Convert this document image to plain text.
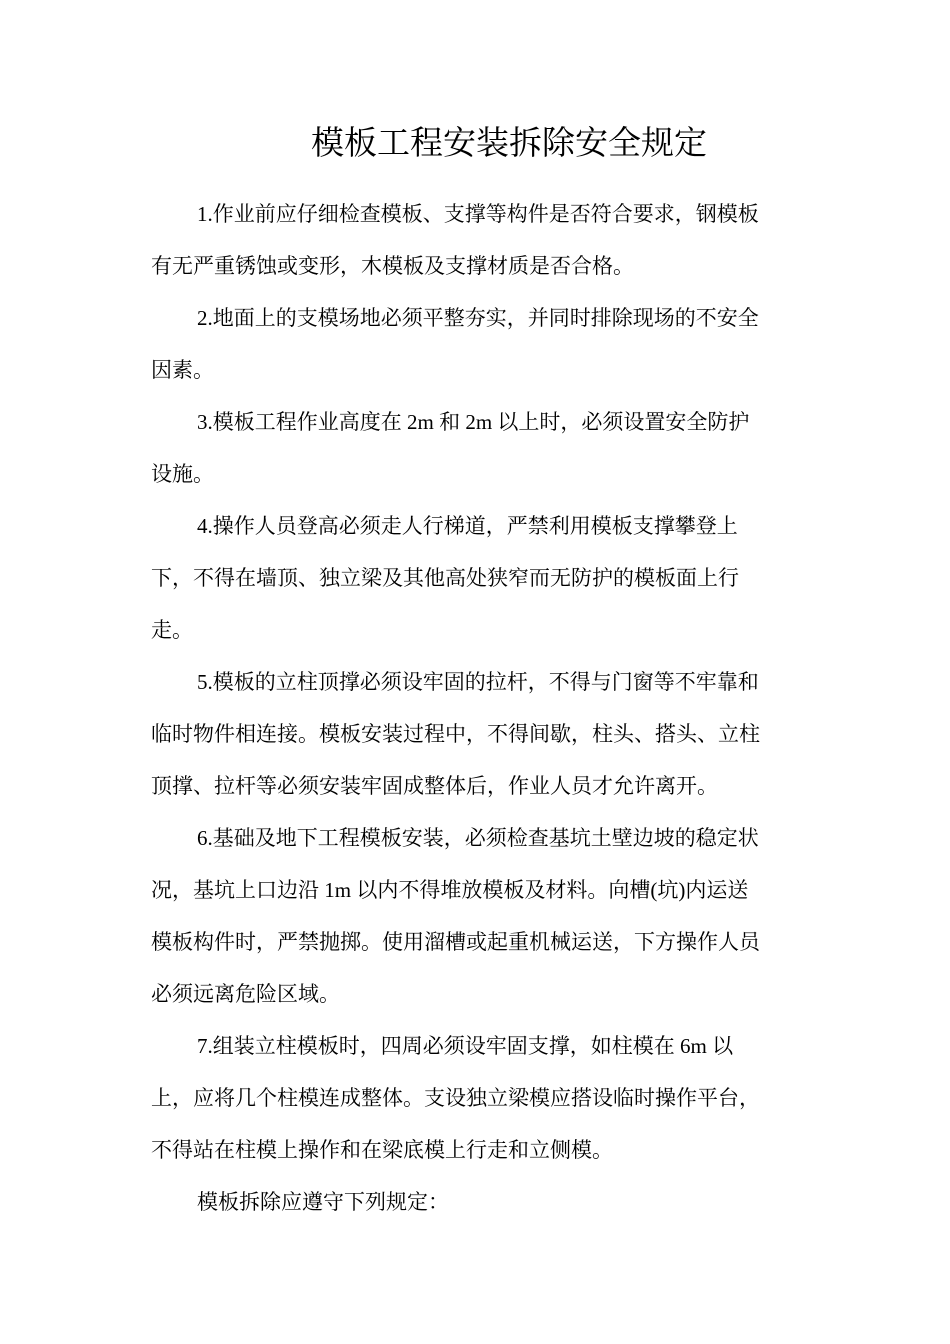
模板工程安装拆除安全规定

1.作业前应仔细检查模板、支撑等构件是否符合要求，钢模板
有无严重锈蚀或变形，木模板及支撑材质是否合格。

2.地面上的支模场地必须平整夯实，并同时排除现场的不安全
因素。

3.模板工程作业高度在 2m 和 2m 以上时，必须设置安全防护
设施。

4.操作人员登高必须走人行梯道，严禁利用模板支撑攀登上
下，不得在墙顶、独立梁及其他高处狭窄而无防护的模板面上行
走。

5.模板的立柱顶撑必须设牢固的拉杆，不得与门窗等不牢靠和
临时物件相连接。模板安装过程中，不得间歇，柱头、搭头、立柱
顶撑、拉杆等必须安装牢固成整体后，作业人员才允许离开。

6.基础及地下工程模板安装，必须检查基坑土壁边坡的稳定状
况，基坑上口边沿 1m 以内不得堆放模板及材料。向槽(坑)内运送
模板构件时，严禁抛掷。使用溜槽或起重机械运送，下方操作人员
必须远离危险区域。

7.组装立柱模板时，四周必须设牢固支撑，如柱模在 6m 以
上，应将几个柱模连成整体。支设独立梁模应搭设临时操作平台，
不得站在柱模上操作和在梁底模上行走和立侧模。

模板拆除应遵守下列规定：
